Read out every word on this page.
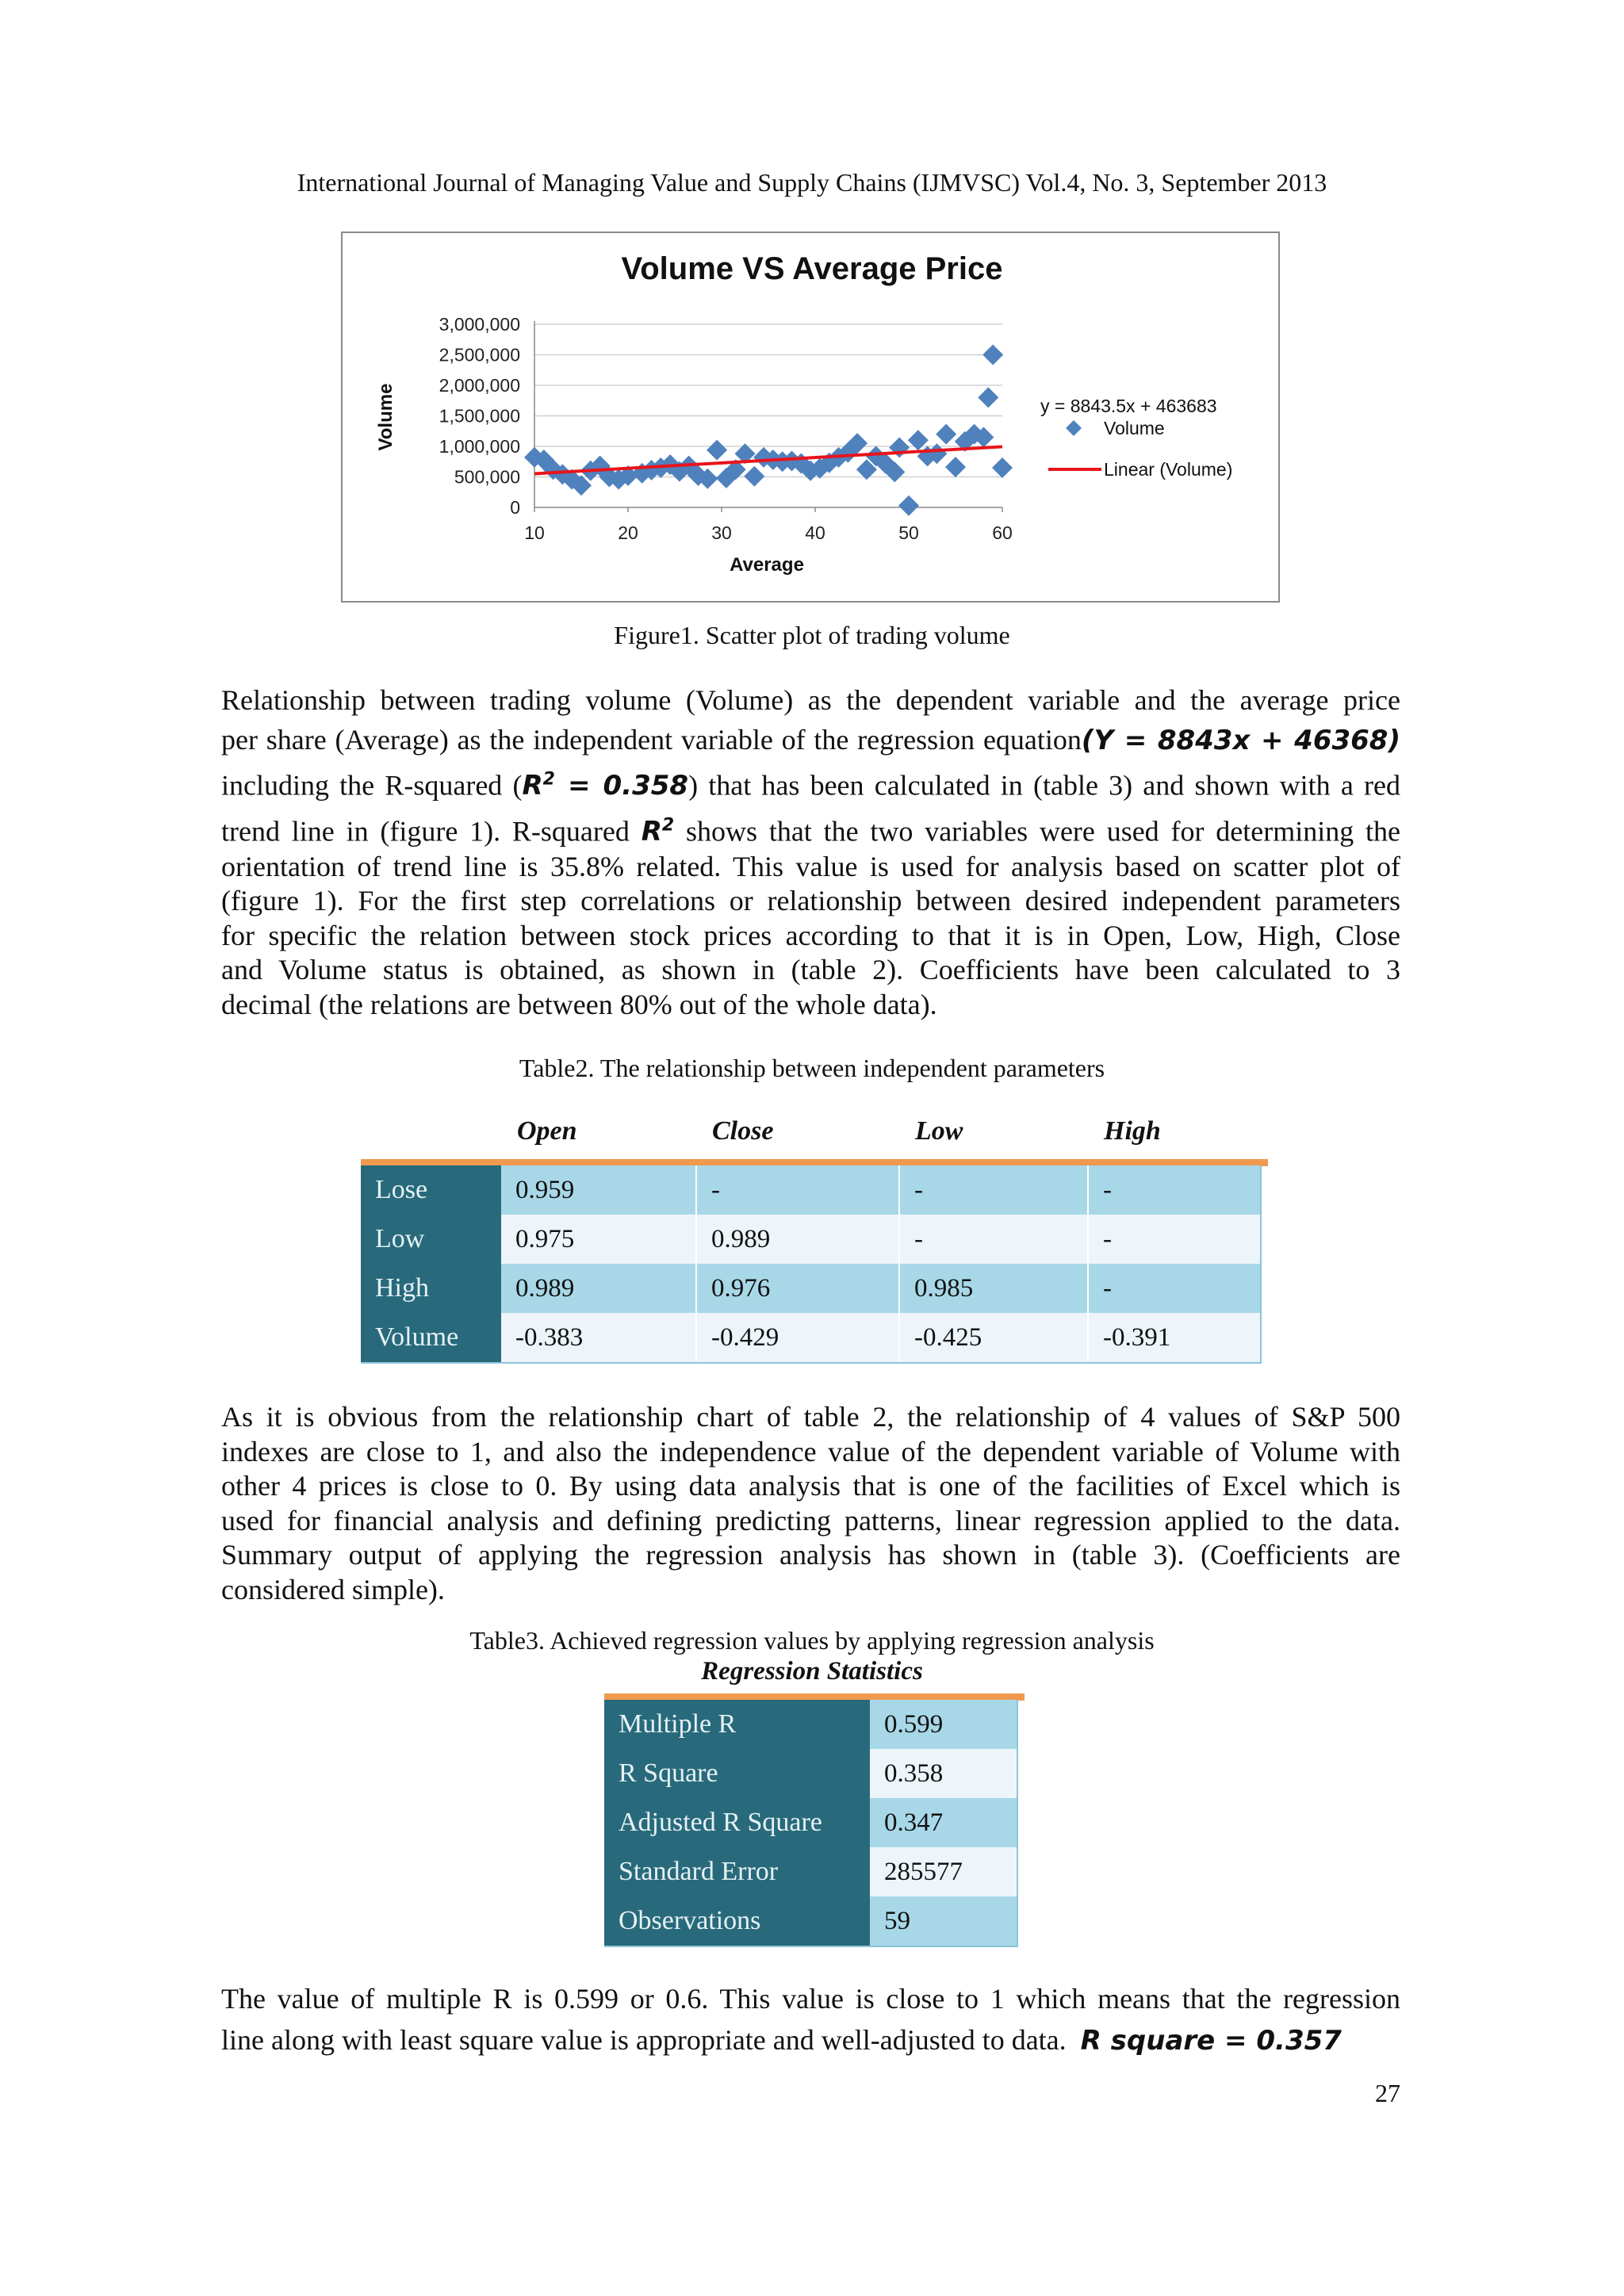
International Journal of Managing Value and Supply Chains (IJMVSC) Vol.4, No. 3, September 2013
Volume VS Average Price
0
500,000
1,000,000
1,500,000
2,000,000
2,500,000
3,000,000
10	20	30	40	50	60
Volume
Average
y = 8843.5x + 463683
Volume
Linear (Volume)
Figure1. Scatter plot of trading volume

Relationship between trading volume (Volume) as the dependent variable and the average price

per share (Average) as the independent variable of the regression equation(Y = 8843x + 46368)

including the R-squared $(R^2 = 0.358)$ that has been calculated in (table 3) and shown with a red

trend line in (figure 1). R-squared $R^2$ shows that the two variables were used for determining the

orientation of trend line is 35.8% related. This value is used for analysis based on scatter plot of

(figure 1). For the first step correlations or relationship between desired independent parameters

for specific the relation between stock prices according to that it is in Open, Low, High, Close

and Volume status is obtained, as shown in (table 2). Coefficients have been calculated to 3

decimal (the relations are between 80% out of the whole data).

Table2. The relationship between independent parameters
Open	Close	Low	High
Lose	0.959	-	-	-
Low	0.975	0.989	-	-
High	0.989	0.976	0.985	-
Volume	-0.383	-0.429	-0.425	-0.391

As it is obvious from the relationship chart of table 2, the relationship of 4 values of S&P 500

indexes are close to 1, and also the independence value of the dependent variable of Volume with

other 4 prices is close to 0. By using data analysis that is one of the facilities of Excel which is

used for financial analysis and defining predicting patterns, linear regression applied to the data.

Summary output of applying the regression analysis has shown in (table 3). (Coefficients are

considered simple).

Table3. Achieved regression values by applying regression analysis
Regression Statistics
Multiple R	0.599
R Square	0.358
Adjusted R Square	0.347
Standard Error	285577
Observations	59

The value of multiple R is 0.599 or 0.6. This value is close to 1 which means that the regression

line along with least square value is appropriate and well-adjusted to data. R square = 0.357

27
